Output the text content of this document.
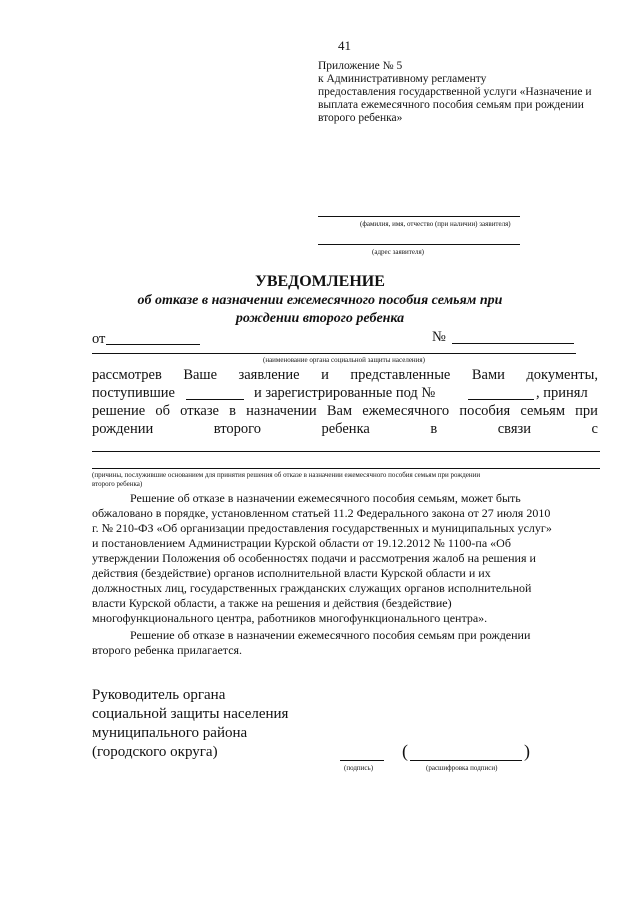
41
Приложение № 5
к Административному регламенту
предоставления государственной услуги «Назначение и
выплата ежемесячного пособия семьям при рождении
второго ребенка»
(фамилия, имя, отчество (при наличии) заявителя)
(адрес заявителя)
УВЕДОМЛЕНИЕ
об отказе в назначении ежемесячного пособия семьям при
рождении второго ребенка
от	№
(наименование органа социальной защиты населения)
рассмотрев Ваше заявление и представленные Вами документы,
поступившие	и зарегистрированные под №	, принял
решение об отказе в назначении Вам ежемесячного пособия семьям при
рождении	второго	ребенка	в	связи	с
(причины, послужившие основанием для принятия решения об отказе в назначении ежемесячного пособия семьям при рождении
второго ребенка)
Решение об отказе в назначении ежемесячного пособия семьям, может быть
обжаловано в порядке, установленном статьей 11.2 Федерального закона от 27 июля 2010
г. № 210-ФЗ «Об организации предоставления государственных и муниципальных услуг»
и постановлением Администрации Курской области от 19.12.2012 № 1100-па «Об
утверждении Положения об особенностях подачи и рассмотрения жалоб на решения и
действия (бездействие) органов исполнительной власти Курской области и их
должностных лиц, государственных гражданских служащих органов исполнительной
власти Курской области, а также на решения и действия (бездействие)
многофункционального центра, работников многофункционального центра».
Решение об отказе в назначении ежемесячного пособия семьям при рождении
второго ребенка прилагается.
Руководитель органа
социальной защиты населения
муниципального района
(городского округа)	(	)
(подпись)	(расшифровка подписи)
